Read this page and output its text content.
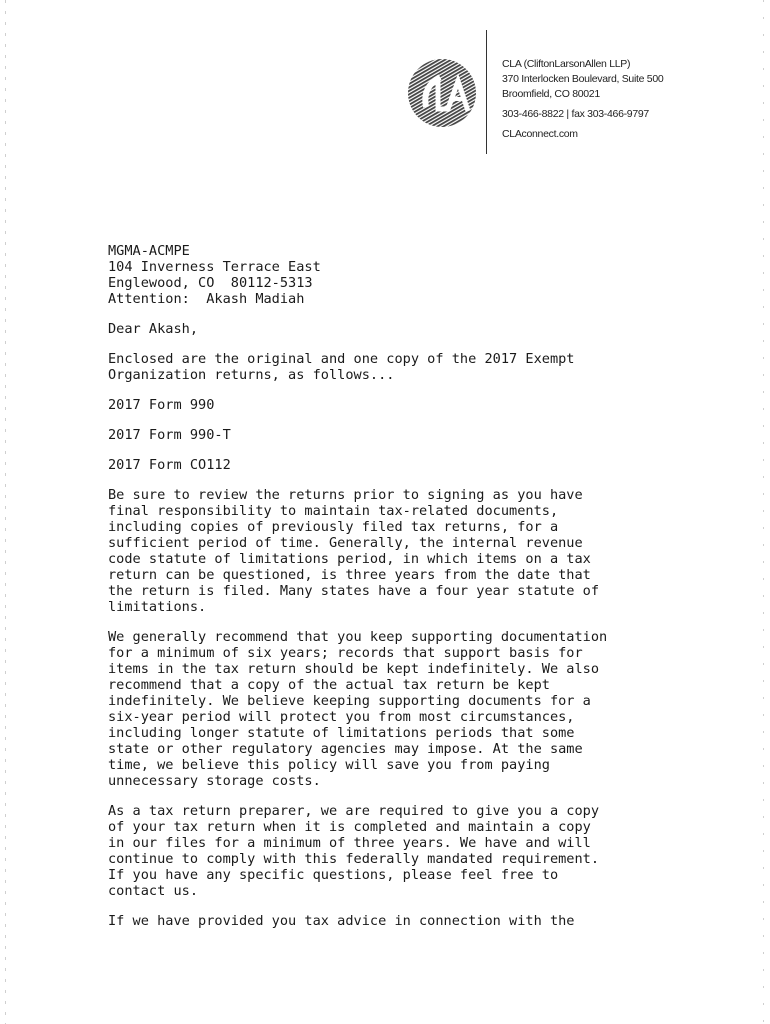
CLA (CliftonLarsonAllen LLP)
370 Interlocken Boulevard, Suite 500
Broomfield, CO 80021
303-466-8822 | fax 303-466-9797
CLAconnect.com
MGMA-ACMPE
104 Inverness Terrace East
Englewood, CO  80112-5313
Attention:  Akash Madiah
Dear Akash,
Enclosed are the original and one copy of the 2017 Exempt
Organization returns, as follows...
2017 Form 990
2017 Form 990-T
2017 Form CO112
Be sure to review the returns prior to signing as you have
final responsibility to maintain tax-related documents,
including copies of previously filed tax returns, for a
sufficient period of time. Generally, the internal revenue
code statute of limitations period, in which items on a tax
return can be questioned, is three years from the date that
the return is filed. Many states have a four year statute of
limitations.
We generally recommend that you keep supporting documentation
for a minimum of six years; records that support basis for
items in the tax return should be kept indefinitely. We also
recommend that a copy of the actual tax return be kept
indefinitely. We believe keeping supporting documents for a
six-year period will protect you from most circumstances,
including longer statute of limitations periods that some
state or other regulatory agencies may impose. At the same
time, we believe this policy will save you from paying
unnecessary storage costs.
As a tax return preparer, we are required to give you a copy
of your tax return when it is completed and maintain a copy
in our files for a minimum of three years. We have and will
continue to comply with this federally mandated requirement.
If you have any specific questions, please feel free to
contact us.
If we have provided you tax advice in connection with the
